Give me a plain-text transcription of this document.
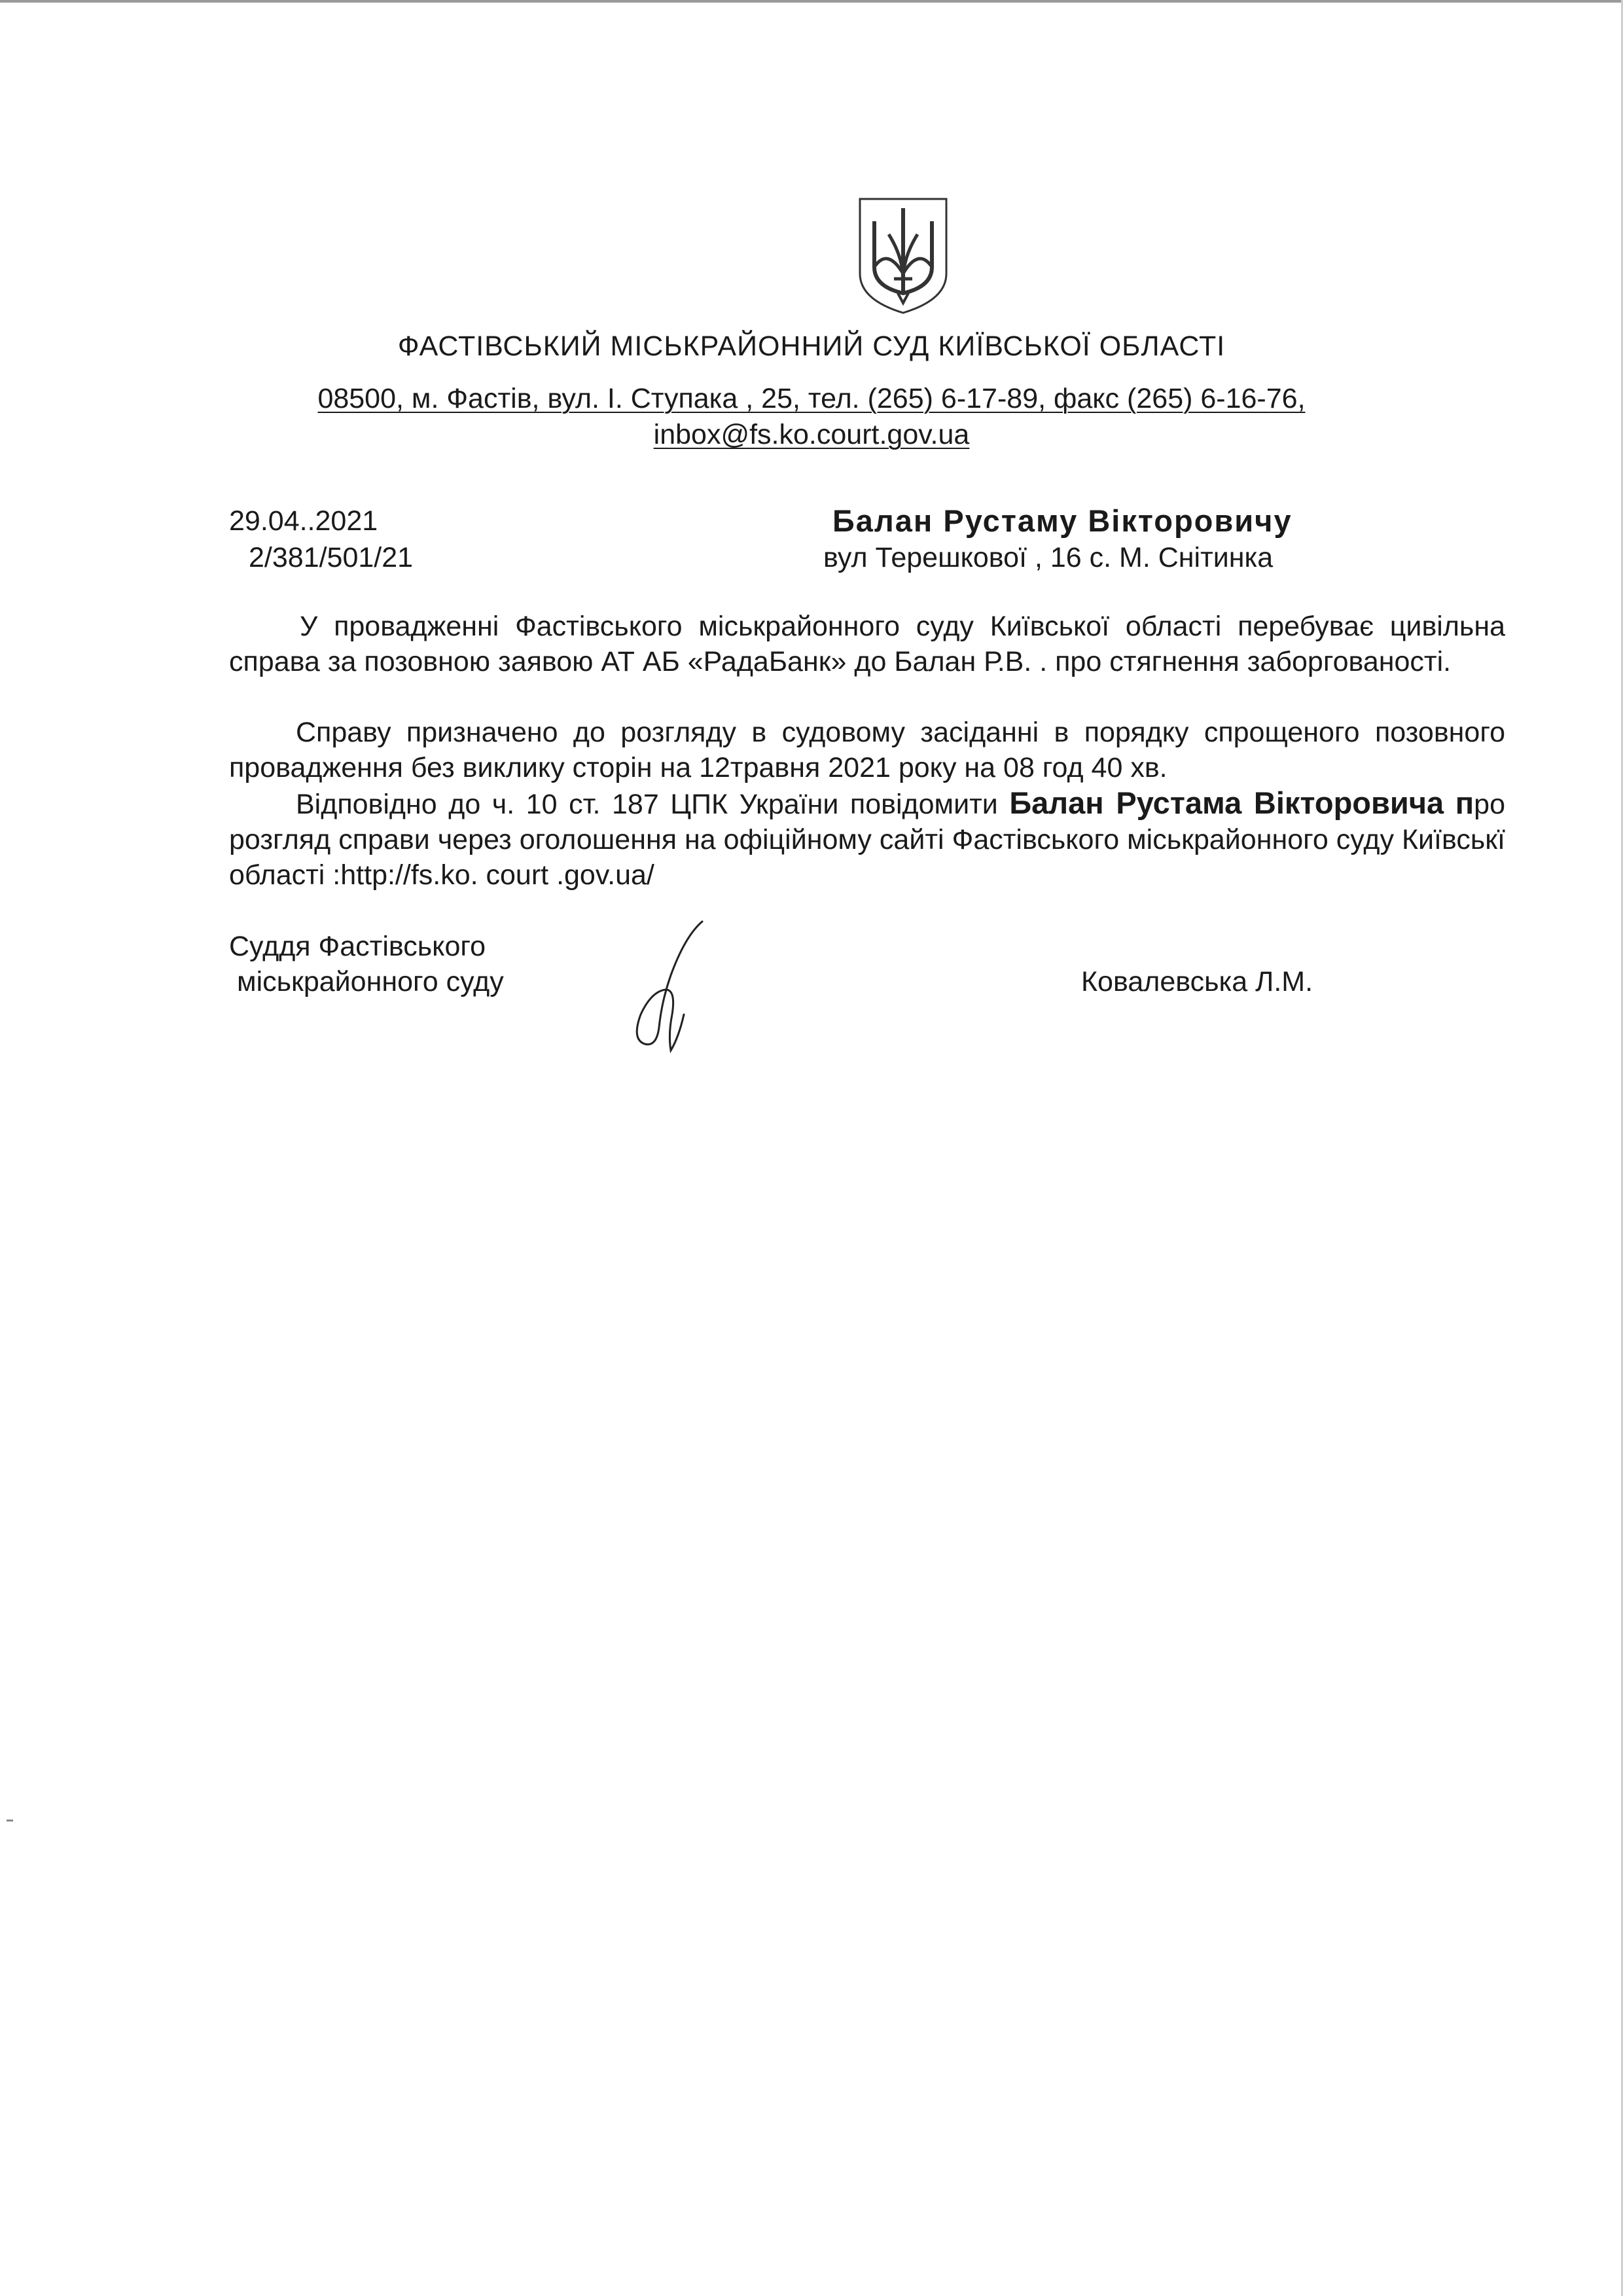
ФАСТІВСЬКИЙ МІСЬКРАЙОННИЙ СУД КИЇВСЬКОЇ ОБЛАСТІ
08500, м. Фастів, вул. І. Ступака , 25, тел. (265) 6-17-89, факс (265) 6-16-76,
inbox@fs.ko.court.gov.ua
29.04..2021
2/381/501/21
Балан Рустаму Вікторовичу
вул Терешкової , 16 с. М. Снітинка
У провадженні Фастівського міськрайонного суду Київської області перебуває цивільна справа за позовною заявою АТ АБ «РадаБанк» до Балан Р.В. . про стягнення заборгованості.
Справу призначено до розгляду в судовому засіданні в порядку спрощеного позовного провадження без виклику сторін на 12травня 2021 року на 08 год 40 хв.
Відповідно до ч. 10 ст. 187 ЦПК України повідомити Балан Рустама Вікторовича про розгляд справи через оголошення на офіційному сайті Фастівського міськрайонного суду Київськї області :http://fs.ko. court .gov.ua/
Суддя Фастівського
міськрайонного суду	Ковалевська Л.М.
